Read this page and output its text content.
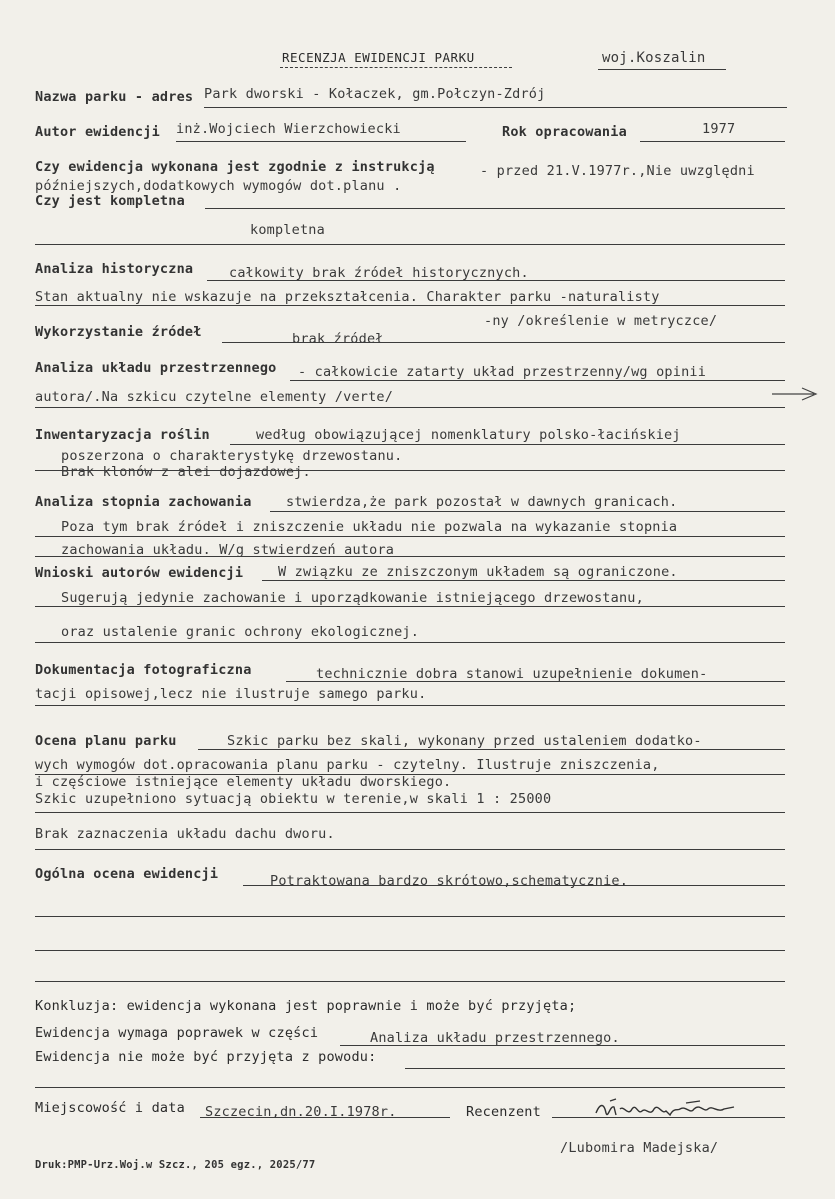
RECENZJA EWIDENCJI PARKU	woj.Koszalin
Nazwa parku - adres Park dworski - Kołaczek, gm.Połczyn-Zdrój
Autor ewidencji inż.Wojciech Wierzchowiecki	Rok opracowania	1977
Czy ewidencja wykonana jest zgodnie z instrukcją	- przed 21.V.1977r.,Nie uwzględni
późniejszych,dodatkowych wymogów dot.planu .
Czy jest kompletna
kompletna
Analiza historyczna	całkowity brak źródeł historycznych.
Stan aktualny nie wskazuje na przekształcenia. Charakter parku -naturalisty
-ny /określenie w metryczce/
Wykorzystanie źródeł	brak źródeł
Analiza układu przestrzennego - całkowicie zatarty układ przestrzenny/wg opinii
autora/.Na szkicu czytelne elementy /verte/
Inwentaryzacja roślin	według obowiązującej nomenklatury polsko-łacińskiej
poszerzona o charakterystykę drzewostanu.
Brak klonów z alei dojazdowej.
Analiza stopnia zachowania	stwierdza,że park pozostał w dawnych granicach.
Poza tym brak źródeł i zniszczenie układu nie pozwala na wykazanie stopnia
zachowania układu. W/g stwierdzeń autora
Wnioski autorów ewidencji	W związku ze zniszczonym układem są ograniczone.
Sugerują jedynie zachowanie i uporządkowanie istniejącego drzewostanu,
oraz ustalenie granic ochrony ekologicznej.
Dokumentacja fotograficzna	technicznie dobra stanowi uzupełnienie dokumen-
tacji opisowej,lecz nie ilustruje samego parku.
Ocena planu parku	Szkic parku bez skali, wykonany przed ustaleniem dodatko-
wych wymogów dot.opracowania planu parku - czytelny. Ilustruje zniszczenia,
i częściowe istniejące elementy układu dworskiego.
Szkic uzupełniono sytuacją obiektu w terenie,w skali 1 : 25000
Brak zaznaczenia układu dachu dworu.
Ogólna ocena ewidencji	Potraktowana bardzo skrótowo,schematycznie.
Konkluzja: ewidencja wykonana jest poprawnie i może być przyjęta;
Ewidencja wymaga poprawek w części	Analiza układu przestrzennego.
Ewidencja nie może być przyjęta z powodu:
Miejscowość i data Szczecin,dn.20.I.1978r.	Recenzent
/Lubomira Madejska/
Druk:PMP-Urz.Woj.w Szcz., 205 egz., 2025/77
